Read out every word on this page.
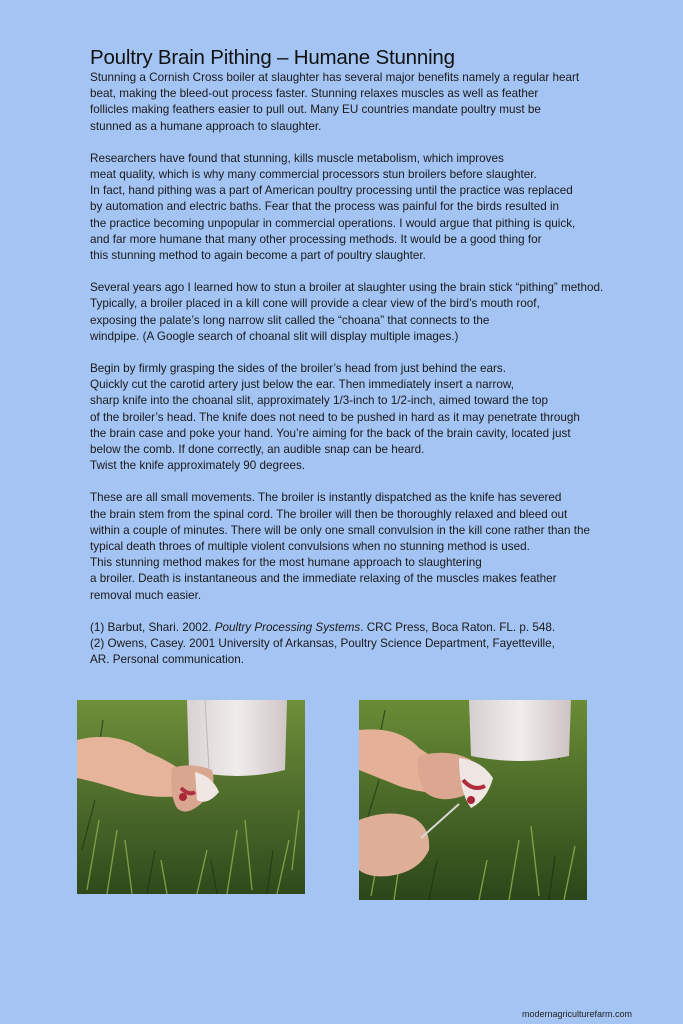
Poultry Brain Pithing – Humane Stunning
Stunning a Cornish Cross boiler at slaughter has several major benefits namely a regular heart
beat, making the bleed-out process faster. Stunning relaxes muscles as well as feather
follicles making feathers easier to pull out. Many EU countries mandate poultry must be
stunned as a humane approach to slaughter.
Researchers have found that stunning, kills muscle metabolism, which improves
meat quality, which is why many commercial processors stun broilers before slaughter.
In fact, hand pithing was a part of American poultry processing until the practice was replaced
by automation and electric baths. Fear that the process was painful for the birds resulted in
the practice becoming unpopular in commercial operations. I would argue that pithing is quick,
and far more humane that many other processing methods. It would be a good thing for
this stunning method to again become a part of poultry slaughter.
Several years ago I learned how to stun a broiler at slaughter using the brain stick “pithing” method.
Typically, a broiler placed in a kill cone will provide a clear view of the bird’s mouth roof,
exposing the palate’s long narrow slit called the “choana” that connects to the
windpipe. (A Google search of choanal slit will display multiple images.)
Begin by firmly grasping the sides of the broiler’s head from just behind the ears.
Quickly cut the carotid artery just below the ear. Then immediately insert a narrow,
sharp knife into the choanal slit, approximately 1/3-inch to 1/2-inch, aimed toward the top
of the broiler’s head. The knife does not need to be pushed in hard as it may penetrate through
the brain case and poke your hand. You’re aiming for the back of the brain cavity, located just
below the comb. If done correctly, an audible snap can be heard.
Twist the knife approximately 90 degrees.
These are all small movements. The broiler is instantly dispatched as the knife has severed
the brain stem from the spinal cord. The broiler will then be thoroughly relaxed and bleed out
within a couple of minutes. There will be only one small convulsion in the kill cone rather than the
typical death throes of multiple violent convulsions when no stunning method is used.
This stunning method makes for the most humane approach to slaughtering
a broiler. Death is instantaneous and the immediate relaxing of the muscles makes feather
removal much easier.
(1) Barbut, Shari. 2002. Poultry Processing Systems. CRC Press, Boca Raton. FL. p. 548.
(2) Owens, Casey. 2001 University of Arkansas, Poultry Science Department, Fayetteville,
AR. Personal communication.
modernagriculturefarm.com
